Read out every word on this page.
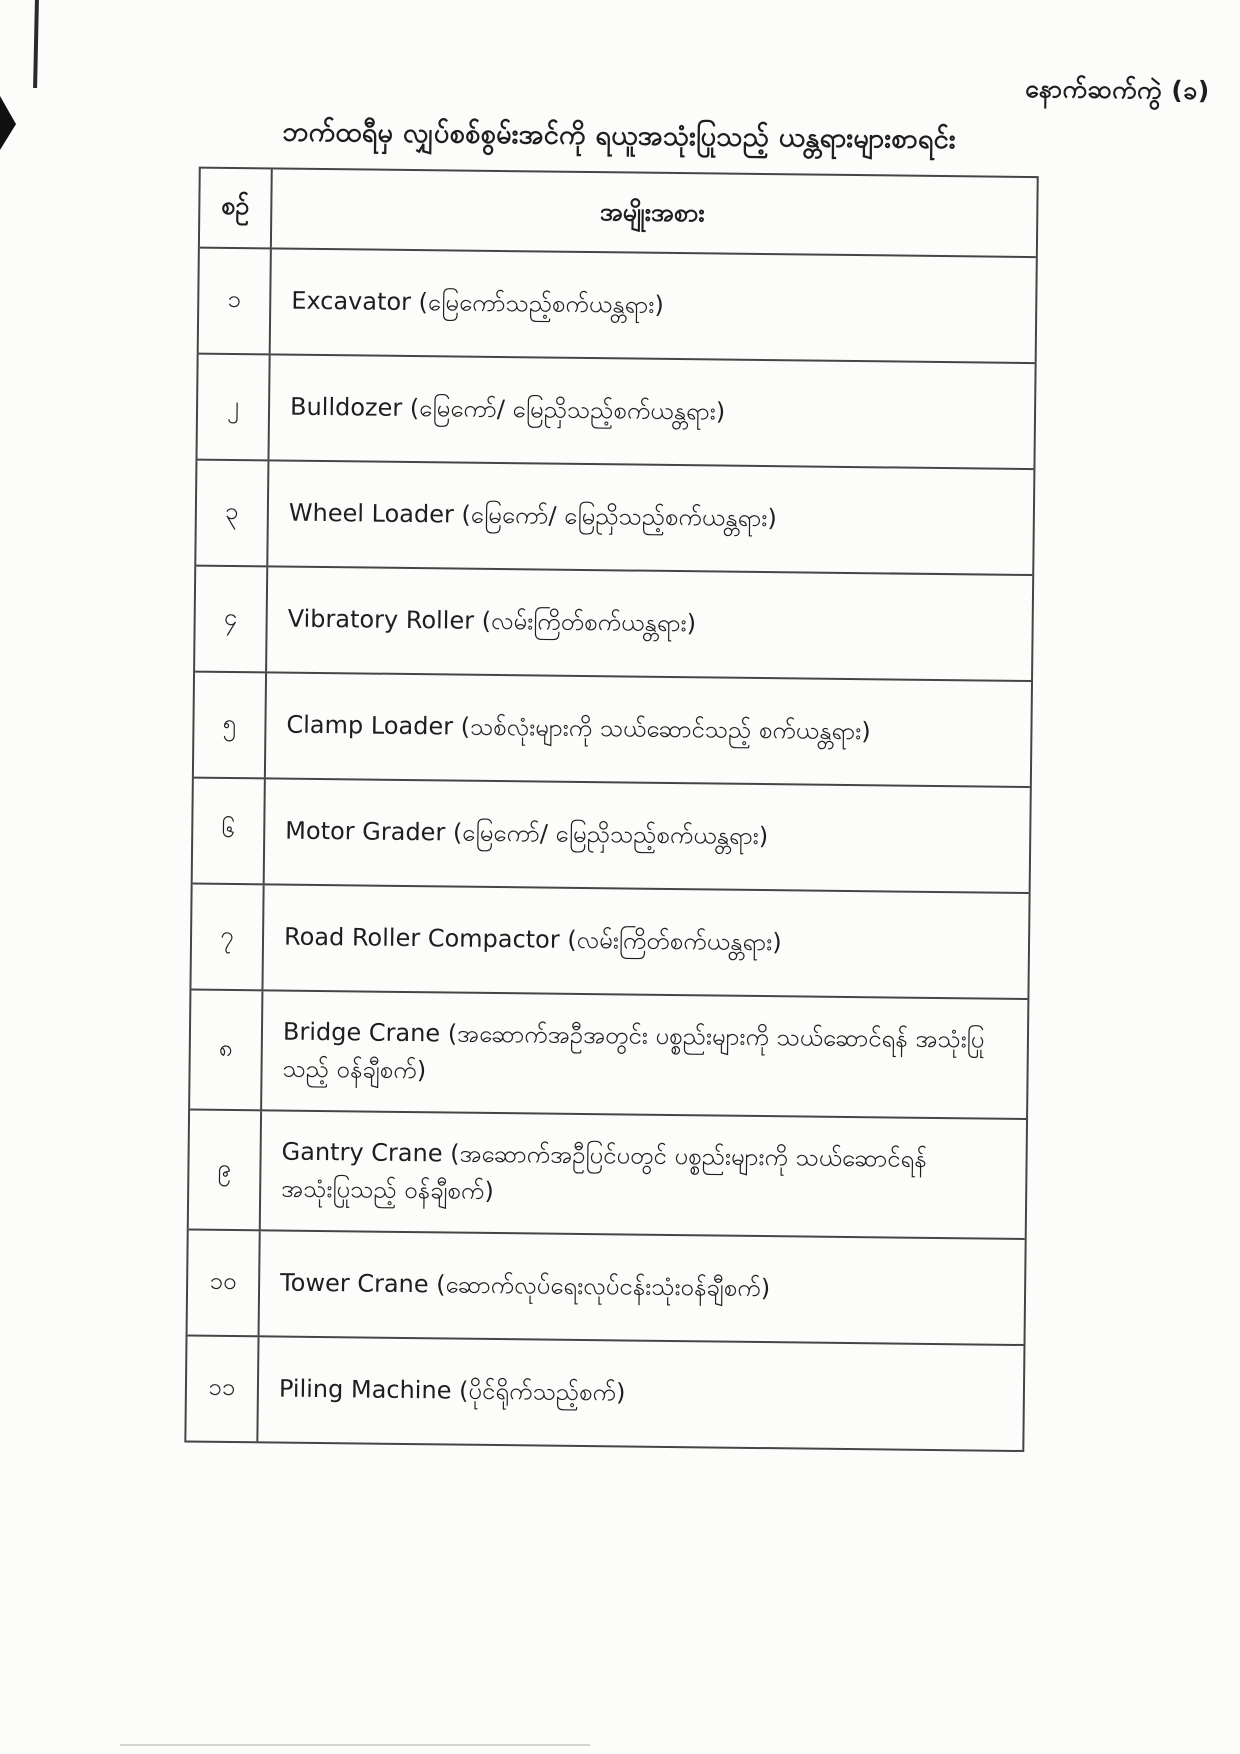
နောက်ဆက်ကွဲ (ခ)
ဘက်ထရီမှ လျှပ်စစ်စွမ်းအင်ကို ရယူအသုံးပြုသည့် ယန္တရားများစာရင်း
စဉ်	အမျိုးအစား
၁	Excavator (မြေကော်သည့်စက်ယန္တရား)
၂	Bulldozer (မြေကော်/ မြေညှိသည့်စက်ယန္တရား)
၃	Wheel Loader (မြေကော်/ မြေညှိသည့်စက်ယန္တရား)
၄	Vibratory Roller (လမ်းကြိတ်စက်ယန္တရား)
၅	Clamp Loader (သစ်လုံးများကို သယ်ဆောင်သည့် စက်ယန္တရား)
၆	Motor Grader (မြေကော်/ မြေညှိသည့်စက်ယန္တရား)
၇	Road Roller Compactor (လမ်းကြိတ်စက်ယန္တရား)
၈	Bridge Crane (အဆောက်အဦအတွင်း ပစ္စည်းများကို သယ်ဆောင်ရန် အသုံးပြုသည့် ဝန်ချီစက်)
၉	Gantry Crane (အဆောက်အဦပြင်ပတွင် ပစ္စည်းများကို သယ်ဆောင်ရန် အသုံးပြုသည့် ဝန်ချီစက်)
၁၀	Tower Crane (ဆောက်လုပ်ရေးလုပ်ငန်းသုံးဝန်ချီစက်)
၁၁	Piling Machine (ပိုင်ရိုက်သည့်စက်)
